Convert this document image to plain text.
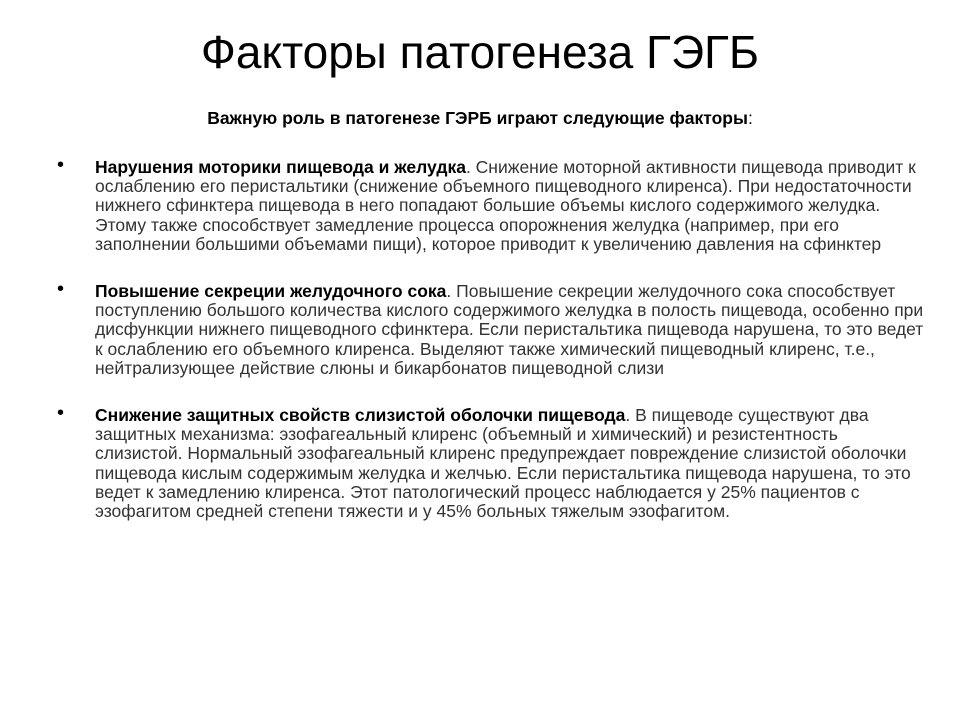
Факторы патогенеза ГЭГБ

Важную роль в патогенезе ГЭРБ играют следующие факторы:

• Нарушения моторики пищевода и желудка. Снижение моторной активности пищевода приводит к ослаблению его перистальтики (снижение объемного пищеводного клиренса). При недостаточности нижнего сфинктера пищевода в него попадают большие объемы кислого содержимого желудка. Этому также способствует замедление процесса опорожнения желудка (например, при его заполнении большими объемами пищи), которое приводит к увеличению давления на сфинктер
• Повышение секреции желудочного сока. Повышение секреции желудочного сока способствует поступлению большого количества кислого содержимого желудка в полость пищевода, особенно при дисфункции нижнего пищеводного сфинктера. Если перистальтика пищевода нарушена, то это ведет к ослаблению его объемного клиренса. Выделяют также химический пищеводный клиренс, т.е., нейтрализующее действие слюны и бикарбонатов пищеводной слизи
• Снижение защитных свойств слизистой оболочки пищевода. В пищеводе существуют два защитных механизма: эзофагеальный клиренс (объемный и химический) и резистентность слизистой. Нормальный эзофагеальный клиренс предупреждает повреждение слизистой оболочки пищевода кислым содержимым желудка и желчью. Если перистальтика пищевода нарушена, то это ведет к замедлению клиренса. Этот патологический процесс наблюдается у 25% пациентов с эзофагитом средней степени тяжести и у 45% больных тяжелым эзофагитом.
